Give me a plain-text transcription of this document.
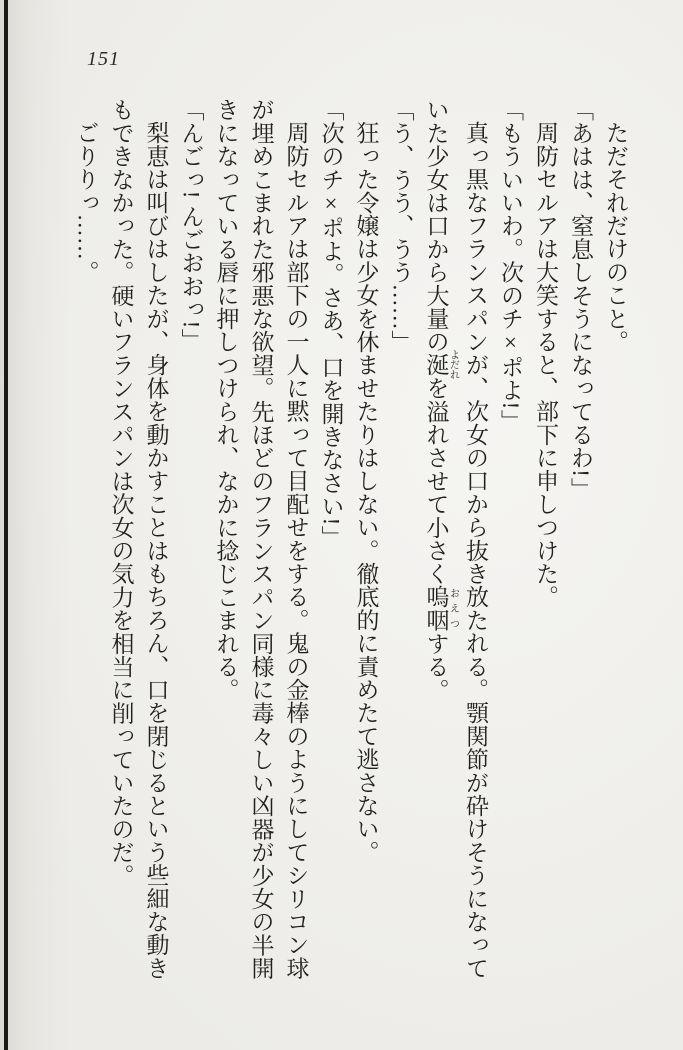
151

ただそれだけのこと。

「あはは、窒息しそうになってるわ!」

周防セルアは大笑すると、部下に申しつけた。

「もういいわ。次のチ×ポよ!」

真っ黒なフランスパンが、次女の口から抜き放たれる。顎関節が砕けそうになって

いた少女は口から大量の涎 よだれを溢れさせて小さく嗚咽 おえつする。

「う、うう、うう……」

狂った令嬢は少女を休ませたりはしない。徹底的に責めたて逃さない。

「次のチ×ポよ。さあ、口を開きなさい!」

周防セルアは部下の一人に黙って目配せをする。鬼の金棒のようにしてシリコン球

が埋めこまれた邪悪な欲望。先ほどのフランスパン同様に毒々しい凶器が少女の半開

きになっている唇に押しつけられ、なかに捻じこまれる。

「んごっ! んごおおっ!」

梨恵は叫びはしたが、身体を動かすことはもちろん、口を閉じるという些細な動き

もできなかった。硬いフランスパンは次女の気力を相当に削っていたのだ。

ごりりっ……。
